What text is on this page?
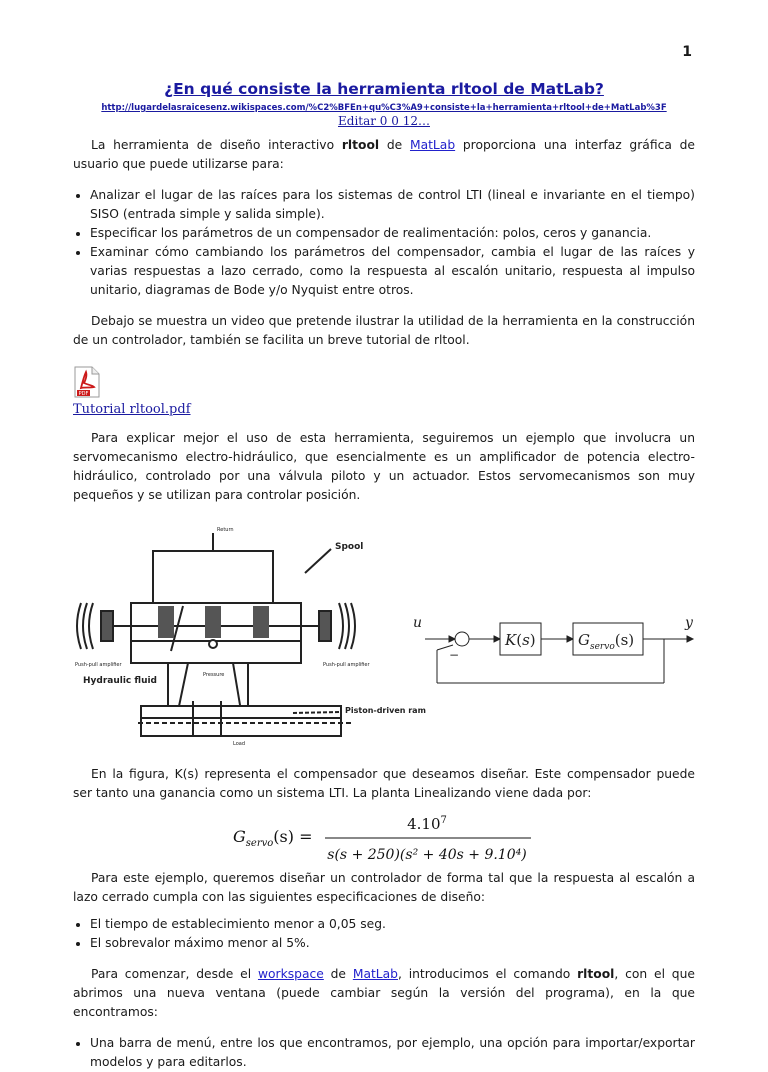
1
¿En qué consiste la herramienta rltool de MatLab?
http://lugardelasraicesenz.wikispaces.com/%C2%BFEn+qu%C3%A9+consiste+la+herramienta+rltool+de+MatLab%3F
Editar 0 0 12…

La herramienta de diseño interactivo rltool de MatLab proporciona una interfaz gráfica de usuario que puede utilizarse para:

• Analizar el lugar de las raíces para los sistemas de control LTI (lineal e invariante en el tiempo) SISO (entrada simple y salida simple).
• Especificar los parámetros de un compensador de realimentación: polos, ceros y ganancia.
• Examinar cómo cambiando los parámetros del compensador, cambia el lugar de las raíces y varias respuestas a lazo cerrado, como la respuesta al escalón unitario, respuesta al impulso unitario, diagramas de Bode y/o Nyquist entre otros.

Debajo se muestra un video que pretende ilustrar la utilidad de la herramienta en la construcción de un controlador, también se facilita un breve tutorial de rltool.

PDF
Tutorial rltool.pdf

Para explicar mejor el uso de esta herramienta, seguiremos un ejemplo que involucra un servomecanismo electro-hidráulico, que esencialmente es un amplificador de potencia electro-hidráulico, controlado por una válvula piloto y un actuador. Estos servomecanismos son muy pequeños y se utilizan para controlar posición.

Return
Spool
Push-pull amplifier	Push-pull amplifier
Pressure
Hydraulic fluid
Piston-driven ram
Load
u
−
K(s)	$G_{servo}(s)$
y

En la figura, K(s) representa el compensador que deseamos diseñar. Este compensador puede ser tanto una ganancia como un sistema LTI. La planta Linealizando viene dada por:

$G_{servo}(s)$ =
$4.10^7$
s(s + 250)(s² + 40s + 9.10⁴)

Para este ejemplo, queremos diseñar un controlador de forma tal que la respuesta al escalón a lazo cerrado cumpla con las siguientes especificaciones de diseño:

• El tiempo de establecimiento menor a 0,05 seg.
• El sobrevalor máximo menor al 5%.

Para comenzar, desde el workspace de MatLab, introducimos el comando rltool, con el que abrimos una nueva ventana (puede cambiar según la versión del programa), en la que encontramos:

• Una barra de menú, entre los que encontramos, por ejemplo, una opción para importar/exportar modelos y para editarlos.
